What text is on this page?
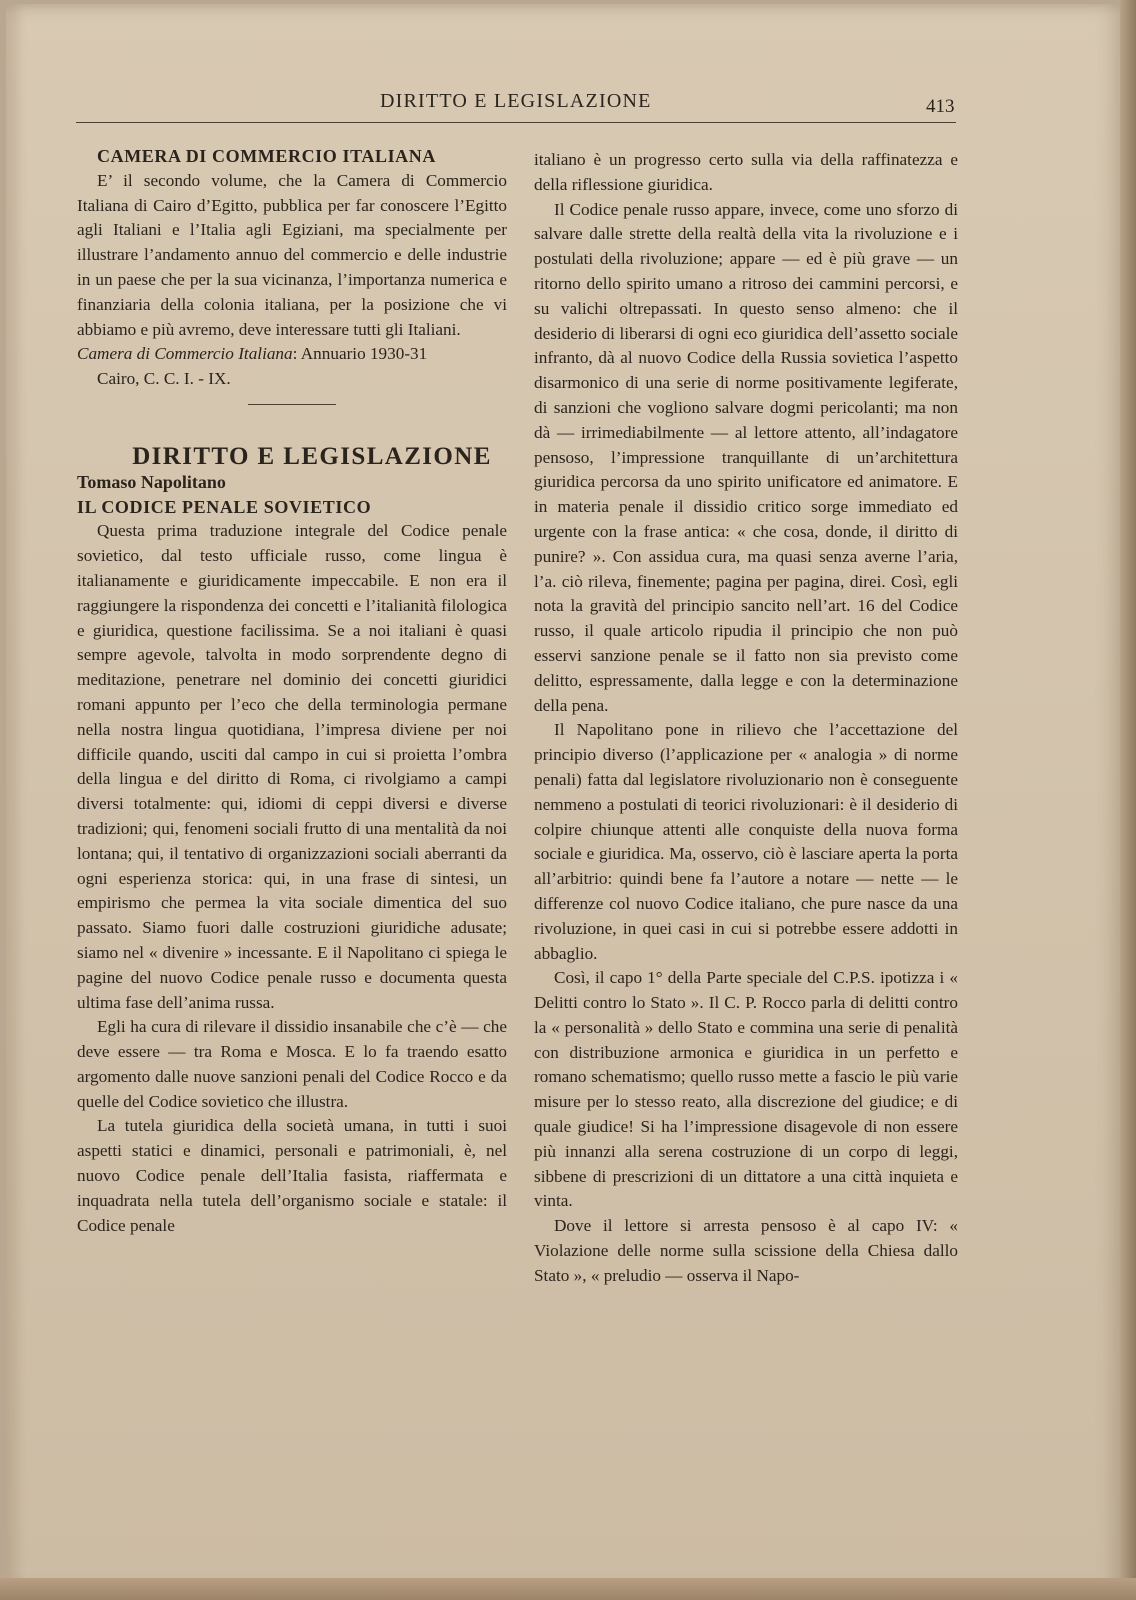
DIRITTO E LEGISLAZIONE	413

CAMERA DI COMMERCIO ITALIANA

E’ il secondo volume, che la Camera di Commercio Italiana di Cairo d’Egitto, pubblica per far conoscere l’Egitto agli Italiani e l’Italia agli Egiziani, ma specialmente per illustrare l’andamento annuo del commercio e delle industrie in un paese che per la sua vicinanza, l’importanza numerica e finanziaria della colonia italiana, per la posizione che vi abbiamo e più avremo, deve interessare tutti gli Italiani.

Camera di Commercio Italiana: Annuario 1930-31

Cairo, C. C. I. - IX.

DIRITTO E LEGISLAZIONE

Tomaso Napolitano

IL CODICE PENALE SOVIETICO

Questa prima traduzione integrale del Codice penale sovietico, dal testo ufficiale russo, come lingua è italianamente e giuridicamente impeccabile. E non era il raggiungere la rispondenza dei concetti e l’italianità filologica e giuridica, questione facilissima. Se a noi italiani è quasi sempre agevole, talvolta in modo sorprendente degno di meditazione, penetrare nel dominio dei concetti giuridici romani appunto per l’eco che della terminologia permane nella nostra lingua quotidiana, l’impresa diviene per noi difficile quando, usciti dal campo in cui si proietta l’ombra della lingua e del diritto di Roma, ci rivolgiamo a campi diversi totalmente: qui, idiomi di ceppi diversi e diverse tradizioni; qui, fenomeni sociali frutto di una mentalità da noi lontana; qui, il tentativo di organizzazioni sociali aberranti da ogni esperienza storica: qui, in una frase di sintesi, un empirismo che permea la vita sociale dimentica del suo passato. Siamo fuori dalle costruzioni giuridiche adusate; siamo nel « divenire » incessante. E il Napolitano ci spiega le pagine del nuovo Codice penale russo e documenta questa ultima fase dell’anima russa.

Egli ha cura di rilevare il dissidio insanabile che c’è — che deve essere — tra Roma e Mosca. E lo fa traendo esatto argomento dalle nuove sanzioni penali del Codice Rocco e da quelle del Codice sovietico che illustra.

La tutela giuridica della società umana, in tutti i suoi aspetti statici e dinamici, personali e patrimoniali, è, nel nuovo Codice penale dell’Italia fasista, riaffermata e inquadrata nella tutela dell’organismo sociale e statale: il Codice penale

italiano è un progresso certo sulla via della raffinatezza e della riflessione giuridica.

Il Codice penale russo appare, invece, come uno sforzo di salvare dalle strette della realtà della vita la rivoluzione e i postulati della rivoluzione; appare — ed è più grave — un ritorno dello spirito umano a ritroso dei cammini percorsi, e su valichi oltrepassati. In questo senso almeno: che il desiderio di liberarsi di ogni eco giuridica dell’assetto sociale infranto, dà al nuovo Codice della Russia sovietica l’aspetto disarmonico di una serie di norme positivamente legiferate, di sanzioni che vogliono salvare dogmi pericolanti; ma non dà — irrimediabilmente — al lettore attento, all’indagatore pensoso, l’impressione tranquillante di un’architettura giuridica percorsa da uno spirito unificatore ed animatore. E in materia penale il dissidio critico sorge immediato ed urgente con la frase antica: « che cosa, donde, il diritto di punire? ». Con assidua cura, ma quasi senza averne l’aria, l’a. ciò rileva, finemente; pagina per pagina, direi. Così, egli nota la gravità del principio sancito nell’art. 16 del Codice russo, il quale articolo ripudia il principio che non può esservi sanzione penale se il fatto non sia previsto come delitto, espressamente, dalla legge e con la determinazione della pena.

Il Napolitano pone in rilievo che l’accettazione del principio diverso (l’applicazione per « analogia » di norme penali) fatta dal legislatore rivoluzionario non è conseguente nemmeno a postulati di teorici rivoluzionari: è il desiderio di colpire chiunque attenti alle conquiste della nuova forma sociale e giuridica. Ma, osservo, ciò è lasciare aperta la porta all’arbitrio: quindi bene fa l’autore a notare — nette — le differenze col nuovo Codice italiano, che pure nasce da una rivoluzione, in quei casi in cui si potrebbe essere addotti in abbaglio.

Così, il capo 1° della Parte speciale del C.P.S. ipotizza i « Delitti contro lo Stato ». Il C. P. Rocco parla di delitti contro la « personalità » dello Stato e commina una serie di penalità con distribuzione armonica e giuridica in un perfetto e romano schematismo; quello russo mette a fascio le più varie misure per lo stesso reato, alla discrezione del giudice; e di quale giudice! Si ha l’impressione disagevole di non essere più innanzi alla serena costruzione di un corpo di leggi, sibbene di prescrizioni di un dittatore a una città inquieta e vinta.

Dove il lettore si arresta pensoso è al capo IV: « Violazione delle norme sulla scissione della Chiesa dallo Stato », « preludio — osserva il Napo-
